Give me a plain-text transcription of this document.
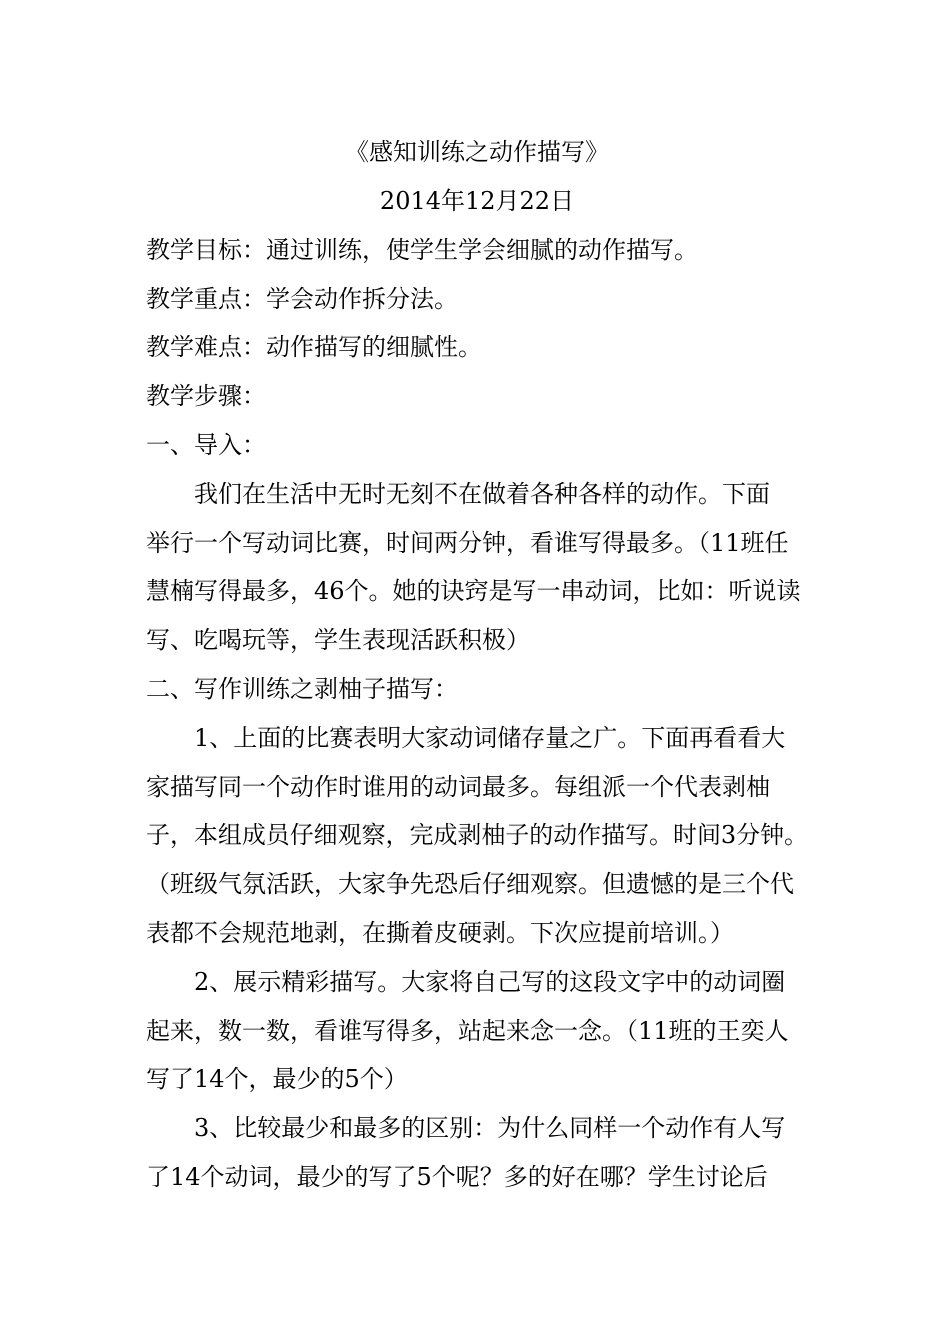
《感知训练之动作描写》
2014年12月22日
教学目标：通过训练，使学生学会细腻的动作描写。
教学重点：学会动作拆分法。
教学难点：动作描写的细腻性。
教学步骤：
一、导入：
我们在生活中无时无刻不在做着各种各样的动作。下面
举行一个写动词比赛，时间两分钟，看谁写得最多。（11班任
慧楠写得最多，46个。她的诀窍是写一串动词，比如：听说读
写、吃喝玩等，学生表现活跃积极）
二、写作训练之剥柚子描写：
1、上面的比赛表明大家动词储存量之广。下面再看看大
家描写同一个动作时谁用的动词最多。每组派一个代表剥柚
子，本组成员仔细观察，完成剥柚子的动作描写。时间3分钟。
（班级气氛活跃，大家争先恐后仔细观察。但遗憾的是三个代
表都不会规范地剥，在撕着皮硬剥。下次应提前培训。）
2、展示精彩描写。大家将自己写的这段文字中的动词圈
起来，数一数，看谁写得多，站起来念一念。（11班的王奕人
写了14个，最少的5个）
3、比较最少和最多的区别：为什么同样一个动作有人写
了14个动词，最少的写了5个呢？多的好在哪？学生讨论后
